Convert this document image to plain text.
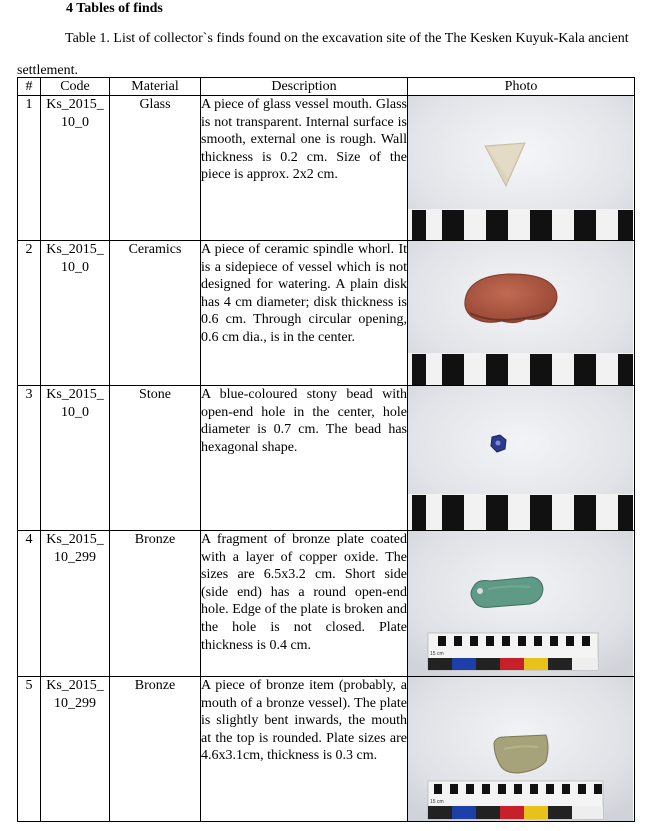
4 Tables of finds
Table 1. List of collector`s finds found on the excavation site of the The Kesken Kuyuk-Kala ancient settlement.
#	Code	Material	Description	Photo
1	Ks_2015_ 10_0	Glass	A piece of glass vessel mouth. Glass is not transparent. Internal surface is smooth, external one is rough. Wall thickness is 0.2 cm. Size of the piece is approx. 2x2 cm.	

2	Ks_2015_ 10_0	Ceramics	A piece of ceramic spindle whorl. It is a sidepiece of vessel which is not designed for watering. A plain disk has 4 cm diameter; disk thickness is 0.6 cm. Through circular opening, 0.6 cm dia., is in the center.	

3	Ks_2015_ 10_0	Stone	A blue-coloured stony bead with open-end hole in the center, hole diameter is 0.7 cm. The bead has hexagonal shape.	

4	Ks_2015_ 10_299	Bronze	A fragment of bronze plate coated with a layer of copper oxide. The sizes are 6.5x3.2 cm. Short side (side end) has a round open-end hole. Edge of the plate is broken and the hole is not closed. Plate thickness is 0.4 cm.	15 cm

5	Ks_2015_ 10_299	Bronze	A piece of bronze item (probably, a mouth of a bronze vessel). The plate is slightly bent inwards, the mouth at the top is rounded. Plate sizes are 4.6x3.1cm, thickness is 0.3 cm.	15 cm
